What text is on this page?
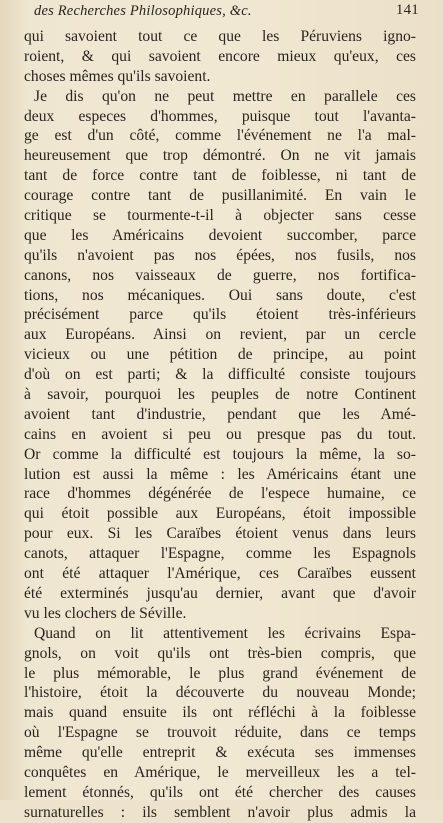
des Recherches Philosophiques, &c.	141
qui savoient tout ce que les Péruviens igno-
roient, & qui savoient encore mieux qu'eux, ces
choses mêmes qu'ils savoient.
Je dis qu'on ne peut mettre en parallele ces
deux especes d'hommes, puisque tout l'avanta-
ge est d'un côté, comme l'événement ne l'a mal-
heureusement que trop démontré. On ne vit jamais
tant de force contre tant de foiblesse, ni tant de
courage contre tant de pusillanimité. En vain le
critique se tourmente-t-il à objecter sans cesse
que les Américains devoient succomber, parce
qu'ils n'avoient pas nos épées, nos fusils, nos
canons, nos vaisseaux de guerre, nos fortifica-
tions, nos mécaniques. Oui sans doute, c'est
précisément parce qu'ils étoient très-inférieurs
aux Européans. Ainsi on revient, par un cercle
vicieux ou une pétition de principe, au point
d'où on est parti; & la difficulté consiste toujours
à savoir, pourquoi les peuples de notre Continent
avoient tant d'industrie, pendant que les Amé-
cains en avoient si peu ou presque pas du tout.
Or comme la difficulté est toujours la même, la so-
lution est aussi la même : les Américains étant une
race d'hommes dégénérée de l'espece humaine, ce
qui étoit possible aux Européans, étoit impossible
pour eux. Si les Caraïbes étoient venus dans leurs
canots, attaquer l'Espagne, comme les Espagnols
ont été attaquer l'Amérique, ces Caraïbes eussent
été exterminés jusqu'au dernier, avant que d'avoir
vu les clochers de Séville.
Quand on lit attentivement les écrivains Espa-
gnols, on voit qu'ils ont très-bien compris, que
le plus mémorable, le plus grand événement de
l'histoire, étoit la découverte du nouveau Monde;
mais quand ensuite ils ont réfléchi à la foiblesse
où l'Espagne se trouvoit réduite, dans ce temps
même qu'elle entreprit & exécuta ses immenses
conquêtes en Amérique, le merveilleux les a tel-
lement étonnés, qu'ils ont été chercher des causes
surnaturelles : ils semblent n'avoir plus admis la
